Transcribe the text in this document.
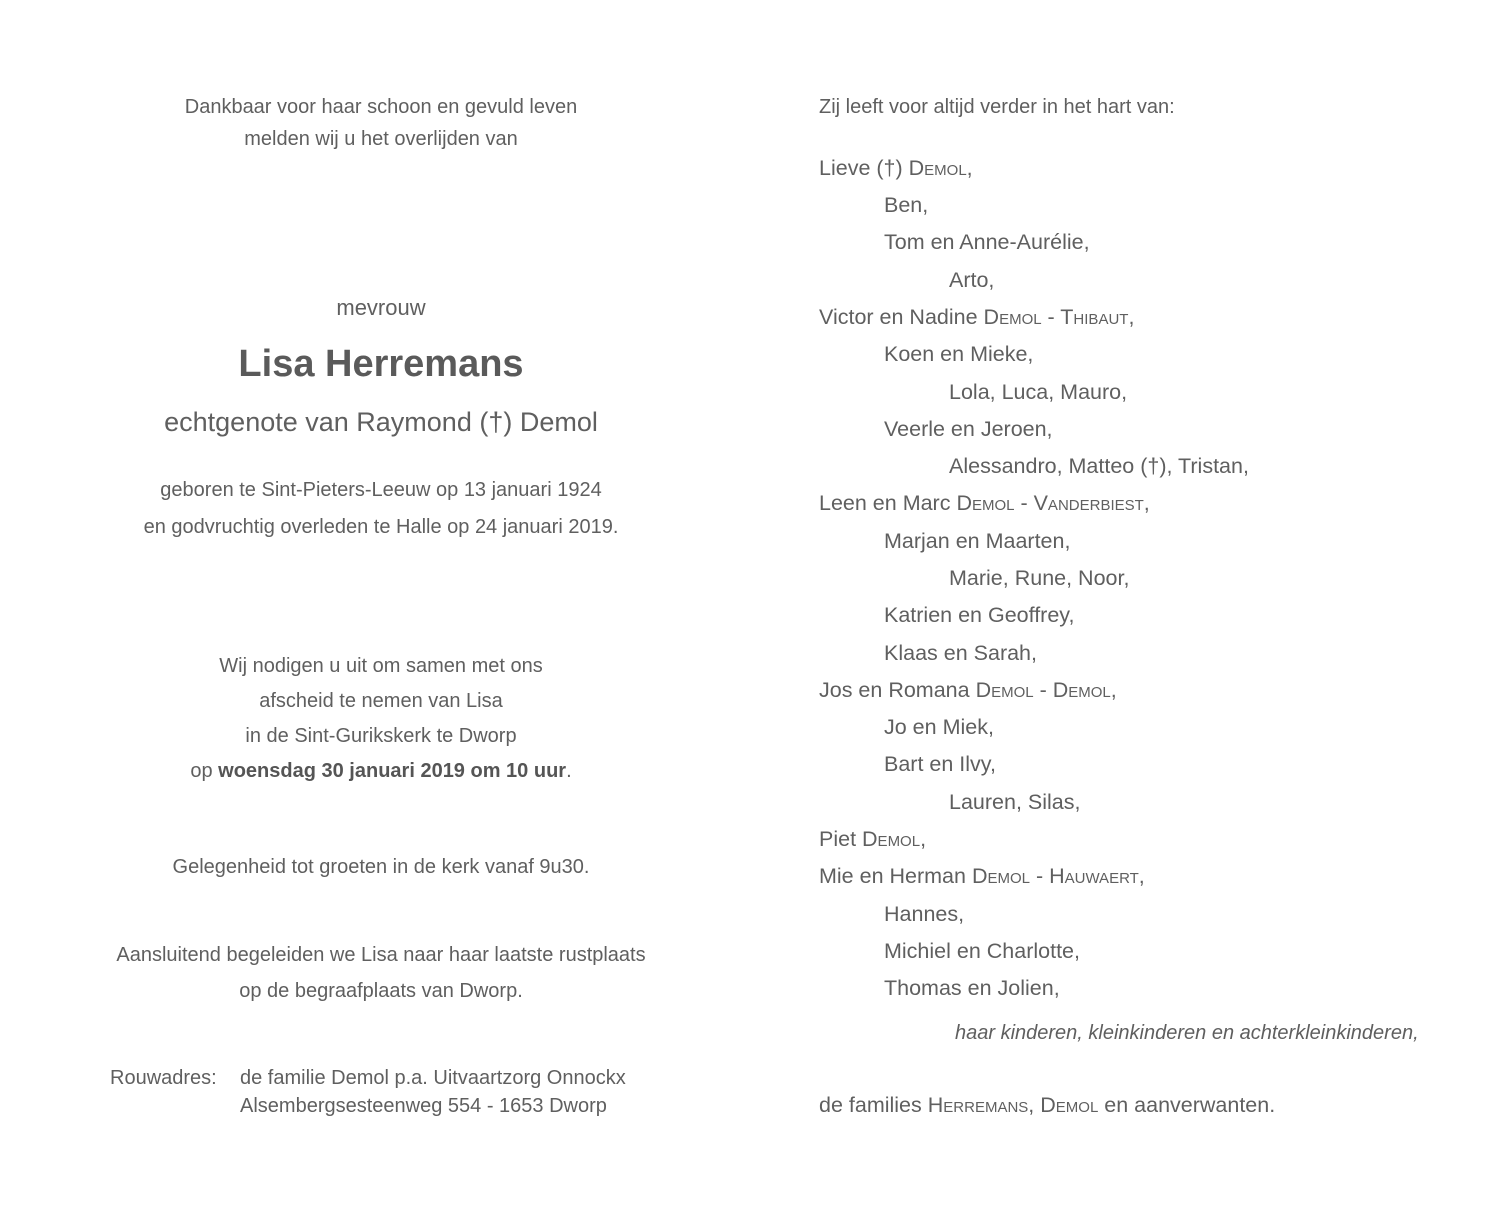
Dankbaar voor haar schoon en gevuld leven
melden wij u het overlijden van
mevrouw
Lisa Herremans
echtgenote van Raymond (†) Demol
geboren te Sint-Pieters-Leeuw op 13 januari 1924
en godvruchtig overleden te Halle op 24 januari 2019.
Wij nodigen u uit om samen met ons
afscheid te nemen van Lisa
in de Sint-Gurikskerk te Dworp
op woensdag 30 januari 2019 om 10 uur.
Gelegenheid tot groeten in de kerk vanaf 9u30.
Aansluitend begeleiden we Lisa naar haar laatste rustplaats
op de begraafplaats van Dworp.
Rouwadres: de familie Demol p.a. Uitvaartzorg Onnockx
Alsembergsesteenweg 554 - 1653 Dworp
Zij leeft voor altijd verder in het hart van:
Lieve (†) Demol,
Ben,
Tom en Anne-Aurélie,
Arto,
Victor en Nadine Demol - Thibaut,
Koen en Mieke,
Lola, Luca, Mauro,
Veerle en Jeroen,
Alessandro, Matteo (†), Tristan,
Leen en Marc Demol - Vanderbiest,
Marjan en Maarten,
Marie, Rune, Noor,
Katrien en Geoffrey,
Klaas en Sarah,
Jos en Romana Demol - Demol,
Jo en Miek,
Bart en Ilvy,
Lauren, Silas,
Piet Demol,
Mie en Herman Demol - Hauwaert,
Hannes,
Michiel en Charlotte,
Thomas en Jolien,
haar kinderen, kleinkinderen en achterkleinkinderen,
de families Herremans, Demol en aanverwanten.
